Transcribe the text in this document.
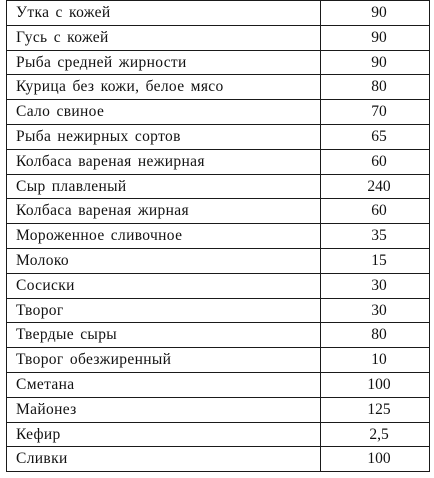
Утка с кожей	90
Гусь с кожей	90
Рыба средней жирности	90
Курица без кожи, белое мясо	80
Сало свиное	70
Рыба нежирных сортов	65
Колбаса вареная нежирная	60
Сыр плавленый	240
Колбаса вареная жирная	60
Мороженное сливочное	35
Молоко	15
Сосиски	30
Творог	30
Твердые сыры	80
Творог обезжиренный	10
Сметана	100
Майонез	125
Кефир	2,5
Сливки	100
